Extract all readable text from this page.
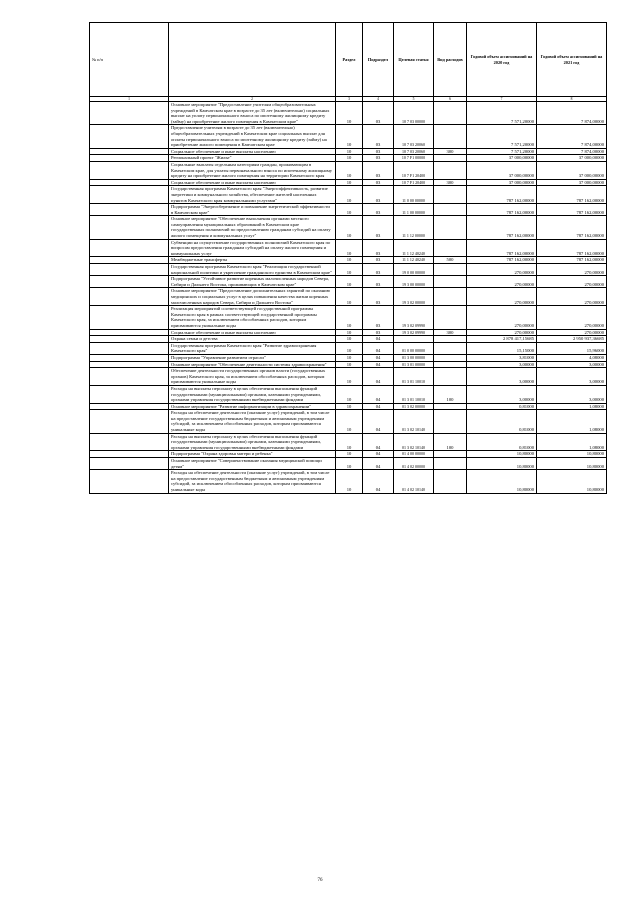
№ п/п		Раздел	Подраздел	Целевая статья	Вид расходов	Годовой объем ассигнований на 2020 год	Годовой объем ассигнований на 2021 год
1	2	3	4	5	6	7	8
	Основное мероприятие "Предоставление учителям общеобразовательных учреждений в Камчатском крае в возрасте до 35 лет (включительно) социальных выплат на уплату первоначального взноса по ипотечному жилищному кредиту (займу) на приобретение жилого помещения в Камчатском крае"	10	03	10 7 03 00000		7 571,20000	7 874,00000
	Предоставление учителям в возрасте до 35 лет (включительно) общеобразовательных учреждений в Камчатском крае социальных выплат для оплаты первоначального взноса по ипотечному жилищному кредиту (займу) на приобретение жилого помещения в Камчатском крае	10	03	10 7 03 20060		7 571,20000	7 874,00000
	Социальное обеспечение и иные выплаты населению	10	03	10 7 03 20060	300	7 571,20000	7 874,00000
	Региональный проект "Жилье"	10	03	10 7 F1 00000		37 000,00000	37 000,00000
	Социальные выплаты отдельным категориям граждан, проживающим в Камчатском крае, для уплаты первоначального взноса по ипотечному жилищному кредиту на приобретение жилого помещения на территории Камчатского края	10	03	10 7 F1 20400		37 000,00000	37 000,00000
	Социальное обеспечение и иные выплаты населению	10	03	10 7 F1 20400	300	37 000,00000	37 000,00000
	Государственная программа Камчатского края "Энергоэффективность, развитие энергетики и коммунального хозяйства, обеспечение жителей населенных пунктов Камчатского края коммунальными услугами"	10	03	11 0 00 00000		787 162,00000	787 162,00000
	Подпрограмма "Энергосбережение и повышение энергетической эффективности в Камчатском крае"	10	03	11 1 00 00000		787 162,00000	787 162,00000
	Основное мероприятие "Обеспечение выполнения органами местного самоуправления муниципальных образований в Камчатском крае государственных полномочий по предоставлению гражданам субсидий на оплату жилого помещения и коммунальных услуг"	10	03	11 1 12 00000		787 162,00000	787 162,00000
	Субвенции на осуществление государственных полномочий Камчатского края по вопросам предоставления гражданам субсидий на оплату жилого помещения и коммунальных услуг	10	03	11 1 12 40240		787 162,00000	787 162,00000
	Межбюджетные трансферты	10	03	11 1 12 40240	500	787 162,00000	787 162,00000
	Государственная программа Камчатского края "Реализация государственной национальной политики и укрепление гражданского единства в Камчатском крае"	10	03	19 0 00 00000		270,00000	270,00000
	Подпрограмма "Устойчивое развитие коренных малочисленных народов Севера, Сибири и Дальнего Востока, проживающих в Камчатском крае"	10	03	19 3 00 00000		270,00000	270,00000
	Основное мероприятие "Предоставление дополнительных гарантий по оказанию медицинских и социальных услуг в целях повышения качества жизни коренных малочисленных народов Севера, Сибири и Дальнего Востока"	10	03	19 3 02 00000		270,00000	270,00000
	Реализация мероприятий соответствующей государственной программы Камчатского края в рамках соответствующей государственной программы Камчатского края, за исключением обособленных расходов, которым присваиваются уникальные коды	10	03	19 3 02 09990		270,00000	270,00000
	Социальное обеспечение и иные выплаты населению	10	03	19 3 02 09990	300	270,00000	270,00000
	Охрана семьи и детства	10	04			2 878 417,15685	2 950 937,36685
	Государственная программа Камчатского края "Развитие здравоохранения Камчатского края"	10	04	01 0 00 00000		15,15000	15,96000
	Подпрограмма "Управление развитием отрасли"	10	04	01 3 00 00000		3,81000	4,08000
	Основное мероприятие "Обеспечение деятельности системы здравоохранения"	10	04	01 3 01 00000		3,00000	3,00000
	Обеспечение деятельности государственных органов власти (государственных органов) Камчатского края, за исключением обособленных расходов, которым присваиваются уникальные коды	10	04	01 3 01 10010		3,00000	3,00000
	Расходы на выплаты персоналу в целях обеспечения выполнения функций государственными (муниципальными) органами, казенными учреждениями, органами управления государственными внебюджетными фондами	10	04	01 3 01 10010	100	3,00000	3,00000
	Основное мероприятие "Развитие информатизации в здравоохранении"	10	04	01 3 02 00000		0,81000	1,08000
	Расходы на обеспечение деятельности (оказание услуг) учреждений, в том числе на предоставление государственным бюджетным и автономным учреждениям субсидий, за исключением обособленных расходов, которым присваиваются уникальные коды	10	04	01 3 02 10140		0,81000	1,08000
	Расходы на выплаты персоналу в целях обеспечения выполнения функций государственными (муниципальными) органами, казенными учреждениями, органами управления государственными внебюджетными фондами	10	04	01 3 02 10140	100	0,81000	1,08000
	Подпрограмма "Охрана здоровья матери и ребенка"	10	04	01 4 00 00000		10,80000	10,80000
	Основное мероприятие "Совершенствование оказания медицинской помощи детям"	10	04	01 4 02 00000		10,80000	10,80000
	Расходы на обеспечение деятельности (оказание услуг) учреждений, в том числе на предоставление государственным бюджетным и автономным учреждениям субсидий, за исключением обособленных расходов, которым присваиваются уникальные коды	10	04	01 4 02 10140		10,80000	10,80000
76
